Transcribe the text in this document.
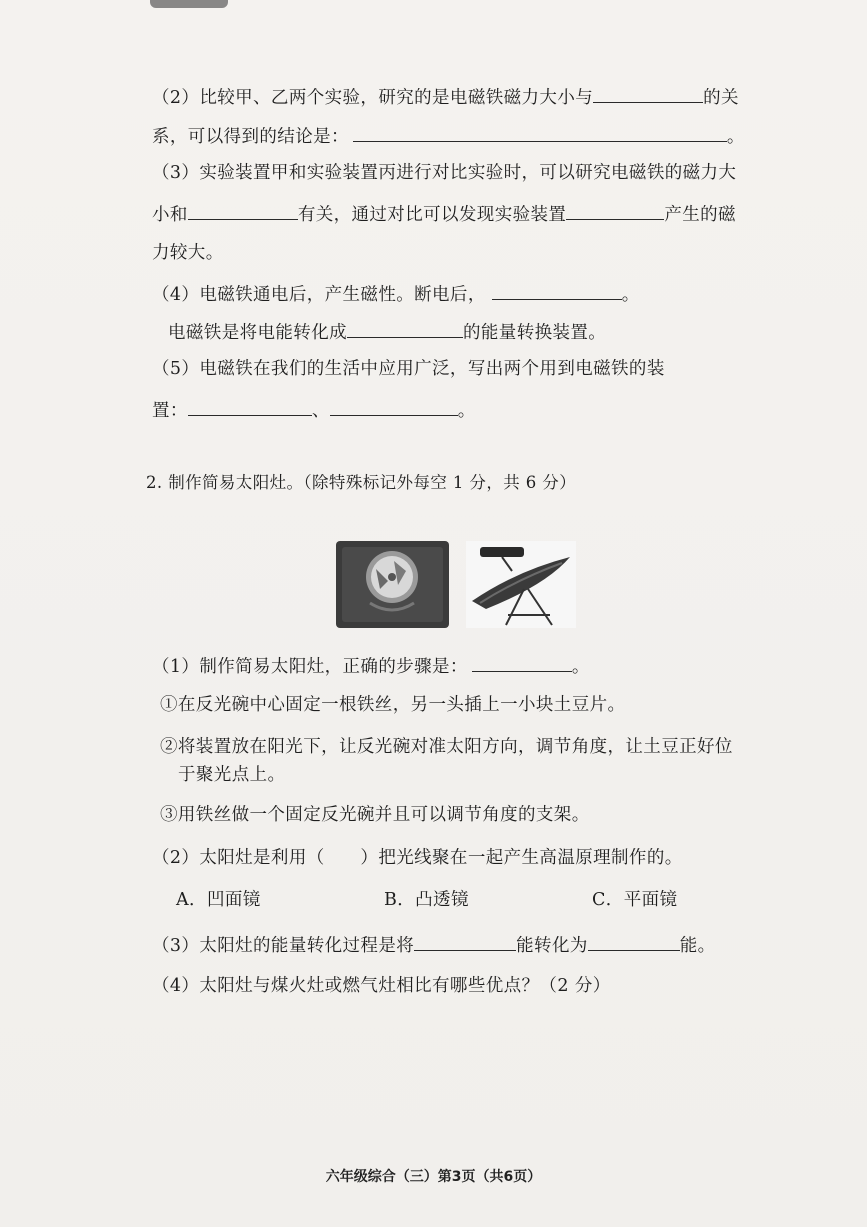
（2）比较甲、乙两个实验，研究的是电磁铁磁力大小与	的关
系，可以得到的结论是：	。
（3）实验装置甲和实验装置丙进行对比实验时，可以研究电磁铁的磁力大
小和	有关，通过对比可以发现实验装置	产生的磁
力较大。
（4）电磁铁通电后，产生磁性。断电后，	。
电磁铁是将电能转化成	的能量转换装置。
（5）电磁铁在我们的生活中应用广泛，写出两个用到电磁铁的装
置：	、	。
2. 制作简易太阳灶。（除特殊标记外每空 1 分，共 6 分）
（1）制作简易太阳灶，正确的步骤是：	。
①在反光碗中心固定一根铁丝，另一头插上一小块土豆片。
②将装置放在阳光下，让反光碗对准太阳方向，调节角度，让土豆正好位
于聚光点上。
③用铁丝做一个固定反光碗并且可以调节角度的支架。
（2）太阳灶是利用（　　）把光线聚在一起产生高温原理制作的。
A．凹面镜	B．凸透镜	C．平面镜
（3）太阳灶的能量转化过程是将	能转化为	能。
（4）太阳灶与煤火灶或燃气灶相比有哪些优点？（2 分）
六年级综合（三）第3页（共6页）
